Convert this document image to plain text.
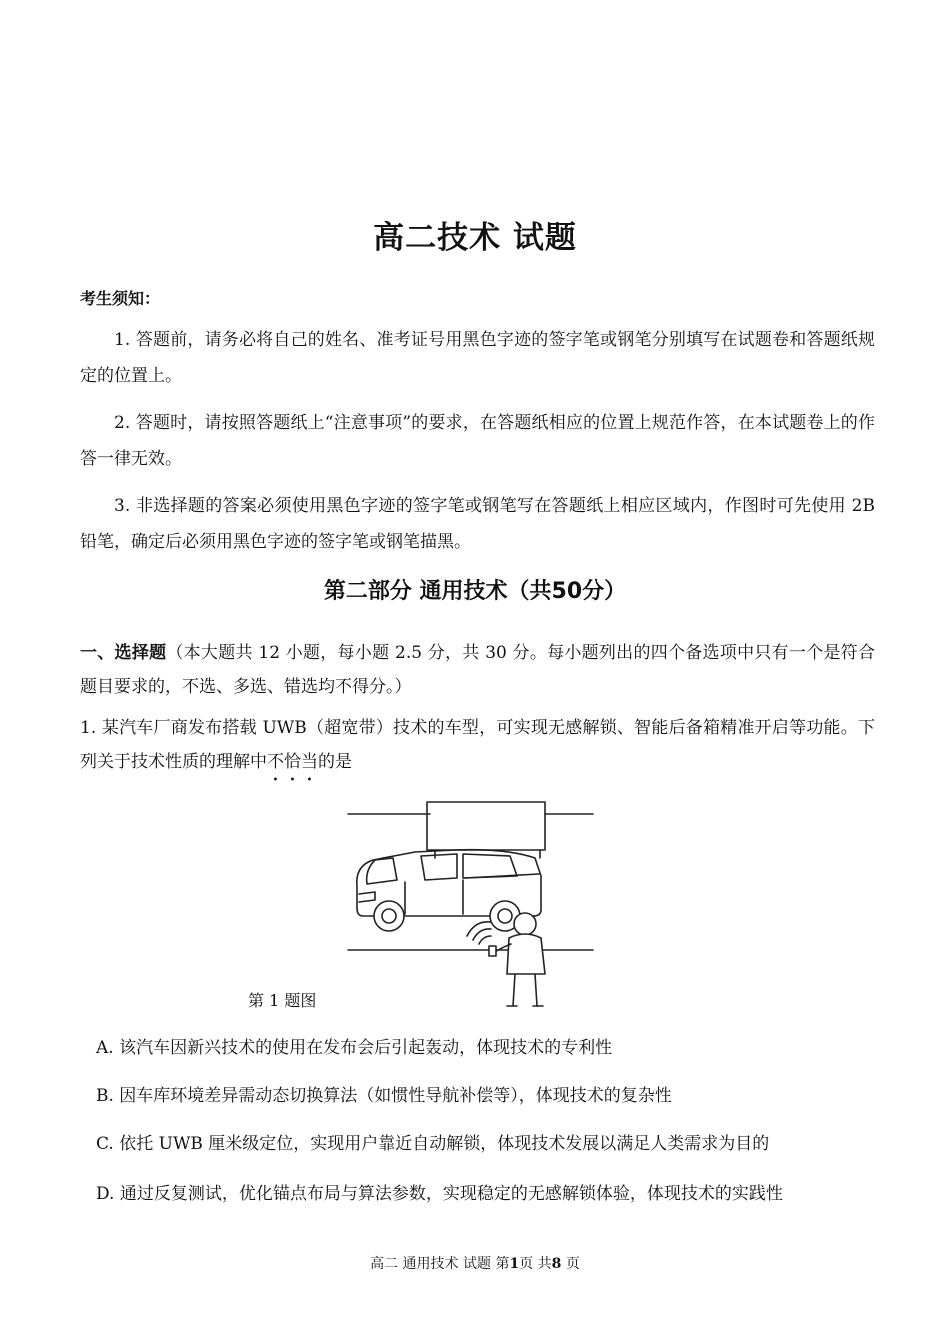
高二技术 试题
考生须知：

1. 答题前，请务必将自己的姓名、准考证号用黑色字迹的签字笔或钢笔分别填写在试题卷和答题纸规定的位置上。

2. 答题时，请按照答题纸上“注意事项”的要求，在答题纸相应的位置上规范作答，在本试题卷上的作答一律无效。

3. 非选择题的答案必须使用黑色字迹的签字笔或钢笔写在答题纸上相应区域内，作图时可先使用 2B 铅笔，确定后必须用黑色字迹的签字笔或钢笔描黑。

第二部分 通用技术（共50分）

一、选择题（本大题共 12 小题，每小题 2.5 分，共 30 分。每小题列出的四个备选项中只有一个是符合题目要求的，不选、多选、错选均不得分。）

1. 某汽车厂商发布搭载 UWB（超宽带）技术的车型，可实现无感解锁、智能后备箱精准开启等功能。下列关于技术性质的理解中不恰当的是

第 1 题图
A. 该汽车因新兴技术的使用在发布会后引起轰动，体现技术的专利性
B. 因车库环境差异需动态切换算法（如惯性导航补偿等），体现技术的复杂性
C. 依托 UWB 厘米级定位，实现用户靠近自动解锁，体现技术发展以满足人类需求为目的
D. 通过反复测试，优化锚点布局与算法参数，实现稳定的无感解锁体验，体现技术的实践性
高二 通用技术 试题 第1页 共8 页
